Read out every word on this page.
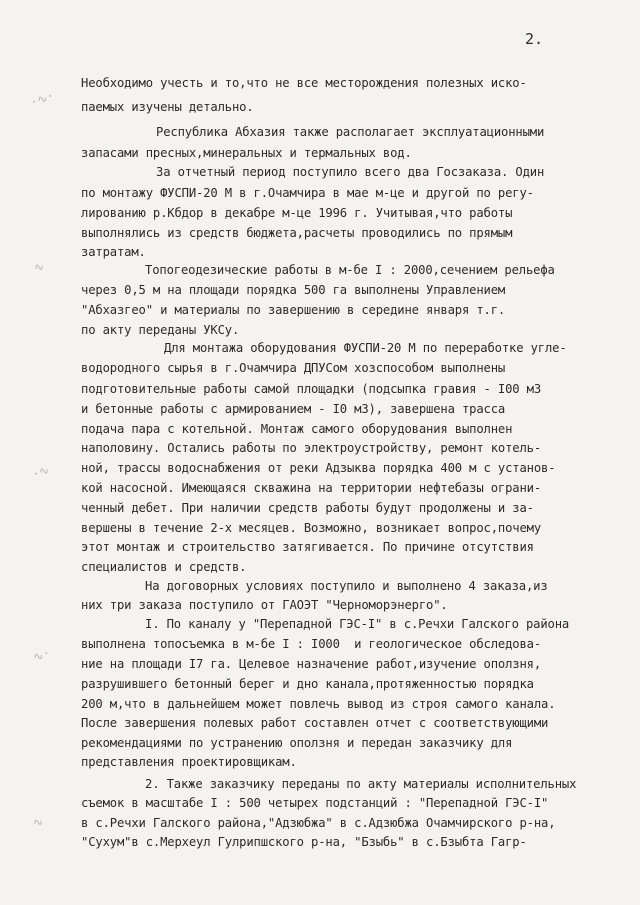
2.
·∿·
∿
·∿
∿·
∿
Необходимо учесть и то,что не все месторождения полезных иско-
паемых изучены детально.
Республика Абхазия также располагает эксплуатационными
запасами пресных,минеральных и термальных вод.
За отчетный период поступило всего два Госзаказа. Один
по монтажу ФУСПИ-20 М в г.Очамчира в мае м-це и другой по регу-
лированию р.Кбдор в декабре м-це 1996 г. Учитывая,что работы
выполнялись из средств бюджета,расчеты проводились по прямым
затратам.
Топогеодезические работы в м-бе I : 2000,сечением рельефа
через 0,5 м на площади порядка 500 га выполнены Управлением
"Абхазгео" и материалы по завершению в середине января т.г.
по акту переданы УКСу.
Для монтажа оборудования ФУСПИ-20 М по переработке угле-
водородного сырья в г.Очамчира ДПУСом хозспособом выполнены
подготовительные работы самой площадки (подсыпка гравия - I00 м3
и бетонные работы с армированием - I0 м3), завершена трасса
подача пара с котельной. Монтаж самого оборудования выполнен
наполовину. Остались работы по электроустройству, ремонт котель-
ной, трассы водоснабжения от реки Адзыква порядка 400 м с установ-
кой насосной. Имеющаяся скважина на территории нефтебазы ограни-
ченный дебет. При наличии средств работы будут продолжены и за-
вершены в течение 2-х месяцев. Возможно, возникает вопрос,почему
этот монтаж и строительство затягивается. По причине отсутствия
специалистов и средств.
На договорных условиях поступило и выполнено 4 заказа,из
них три заказа поступило от ГАОЭТ "Черноморэнерго".
I. По каналу у "Перепадной ГЭС-I" в с.Речхи Галского района
выполнена топосъемка в м-бе I : I000  и геологическое обследова-
ние на площади I7 га. Целевое назначение работ,изучение оползня,
разрушившего бетонный берег и дно канала,протяженностью порядка
200 м,что в дальнейшем может повлечь вывод из строя самого канала.
После завершения полевых работ составлен отчет с соответствующими
рекомендациями по устранению оползня и передан заказчику для
представления проектировщикам.
2. Также заказчику переданы по акту материалы исполнительных
съемок в масштабе I : 500 четырех подстанций : "Перепадной ГЭС-I"
в с.Речхи Галского района,"Адзюбжа" в с.Адзюбжа Очамчирского р-на,
"Сухум"в с.Мерхеул Гулрипшского р-на, "Бзыбь" в с.Бзыбта Гагр-
